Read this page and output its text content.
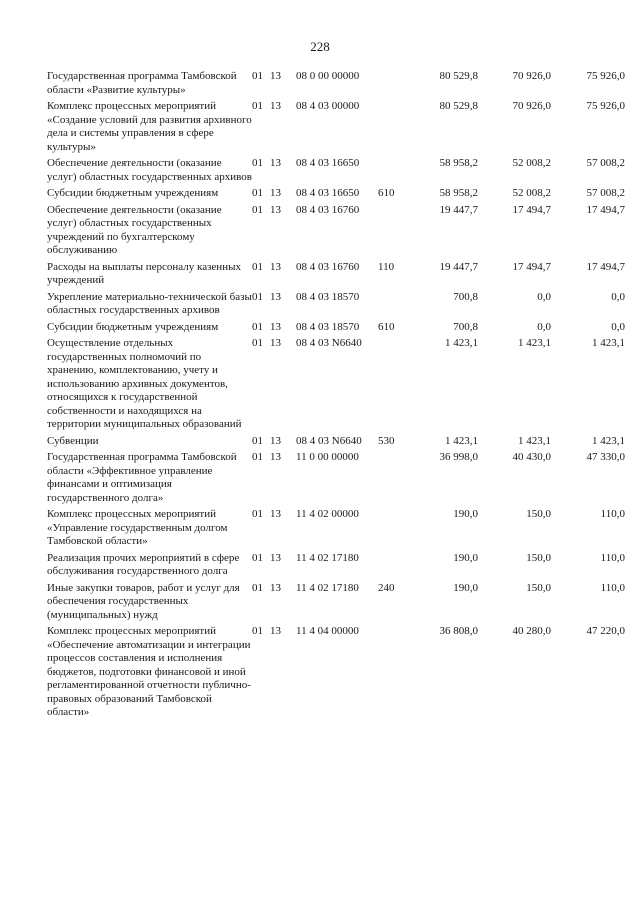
228
Государственная программа Тамбовской области «Развитие культуры»	01	13	08 0 00 00000		80 529,8	70 926,0	75 926,0
Комплекс процессных мероприятий «Создание условий для развития архивного дела и системы управления в сфере культуры»	01	13	08 4 03 00000		80 529,8	70 926,0	75 926,0
Обеспечение деятельности (оказание услуг) областных государственных архивов	01	13	08 4 03 16650		58 958,2	52 008,2	57 008,2
Субсидии бюджетным учреждениям	01	13	08 4 03 16650	610	58 958,2	52 008,2	57 008,2
Обеспечение деятельности (оказание услуг) областных государственных учреждений по бухгалтерскому обслуживанию	01	13	08 4 03 16760		19 447,7	17 494,7	17 494,7
Расходы на выплаты персоналу казенных учреждений	01	13	08 4 03 16760	110	19 447,7	17 494,7	17 494,7
Укрепление материально-технической базы областных государственных архивов	01	13	08 4 03 18570		700,8	0,0	0,0
Субсидии бюджетным учреждениям	01	13	08 4 03 18570	610	700,8	0,0	0,0
Осуществление отдельных государственных полномочий по хранению, комплектованию, учету и использованию архивных документов, относящихся к государственной собственности и находящихся на территории муниципальных образований	01	13	08 4 03 N6640		1 423,1	1 423,1	1 423,1
Субвенции	01	13	08 4 03 N6640	530	1 423,1	1 423,1	1 423,1
Государственная программа Тамбовской области «Эффективное управление финансами и оптимизация государственного долга»	01	13	11 0 00 00000		36 998,0	40 430,0	47 330,0
Комплекс процессных мероприятий «Управление государственным долгом Тамбовской области»	01	13	11 4 02 00000		190,0	150,0	110,0
Реализация прочих мероприятий в сфере обслуживания государственного долга	01	13	11 4 02 17180		190,0	150,0	110,0
Иные закупки товаров, работ и услуг для обеспечения государственных (муниципальных) нужд	01	13	11 4 02 17180	240	190,0	150,0	110,0
Комплекс процессных мероприятий «Обеспечение автоматизации и интеграции процессов составления и исполнения бюджетов, подготовки финансовой и иной регламентированной отчетности публично-правовых образований Тамбовской области»	01	13	11 4 04 00000		36 808,0	40 280,0	47 220,0
